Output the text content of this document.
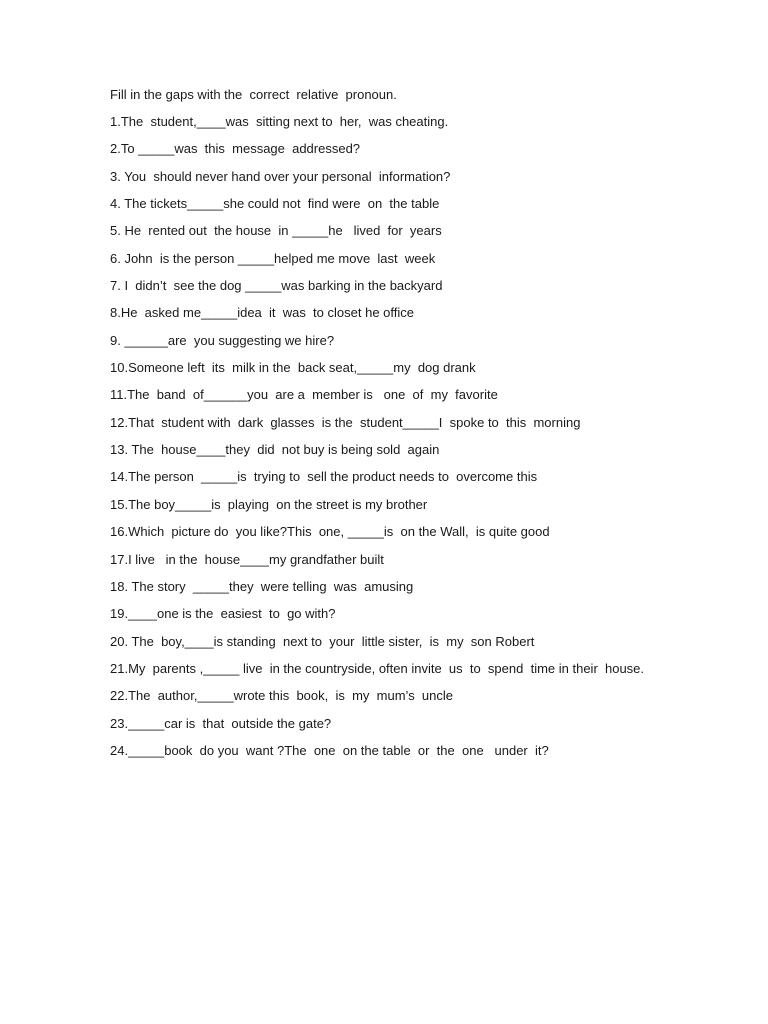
Fill in the gaps with the  correct  relative  pronoun.
1.The  student,____was  sitting next to  her,  was cheating.
2.To _____was  this  message  addressed?
3. You  should never hand over your personal  information?
4. The tickets_____she could not  find were  on  the table
5. He  rented out  the house  in _____he   lived  for  years
6. John  is the person _____helped me move  last  week
7. I  didn’t  see the dog _____was barking in the backyard
8.He  asked me_____idea  it  was  to closet he office
9. ______are  you suggesting we hire?
10.Someone left  its  milk in the  back seat,_____my  dog drank
11.The  band  of______you  are a  member is   one  of  my  favorite
12.That  student with  dark  glasses  is the  student_____I  spoke to  this  morning
13. The  house____they  did  not buy is being sold  again
14.The person  _____is  trying to  sell the product needs to  overcome this
15.The boy_____is  playing  on the street is my brother
16.Which  picture do  you like?This  one, _____is  on the Wall,  is quite good
17.I live   in the  house____my grandfather built
18. The story  _____they  were telling  was  amusing
19.____one is the  easiest  to  go with?
20. The  boy,____is standing  next to  your  little sister,  is  my  son Robert
21.My  parents ,_____ live  in the countryside, often invite  us  to  spend  time in their  house.
22.The  author,_____wrote this  book,  is  my  mum’s  uncle
23._____car is  that  outside the gate?
24._____book  do you  want ?The  one  on the table  or  the  one   under  it?
